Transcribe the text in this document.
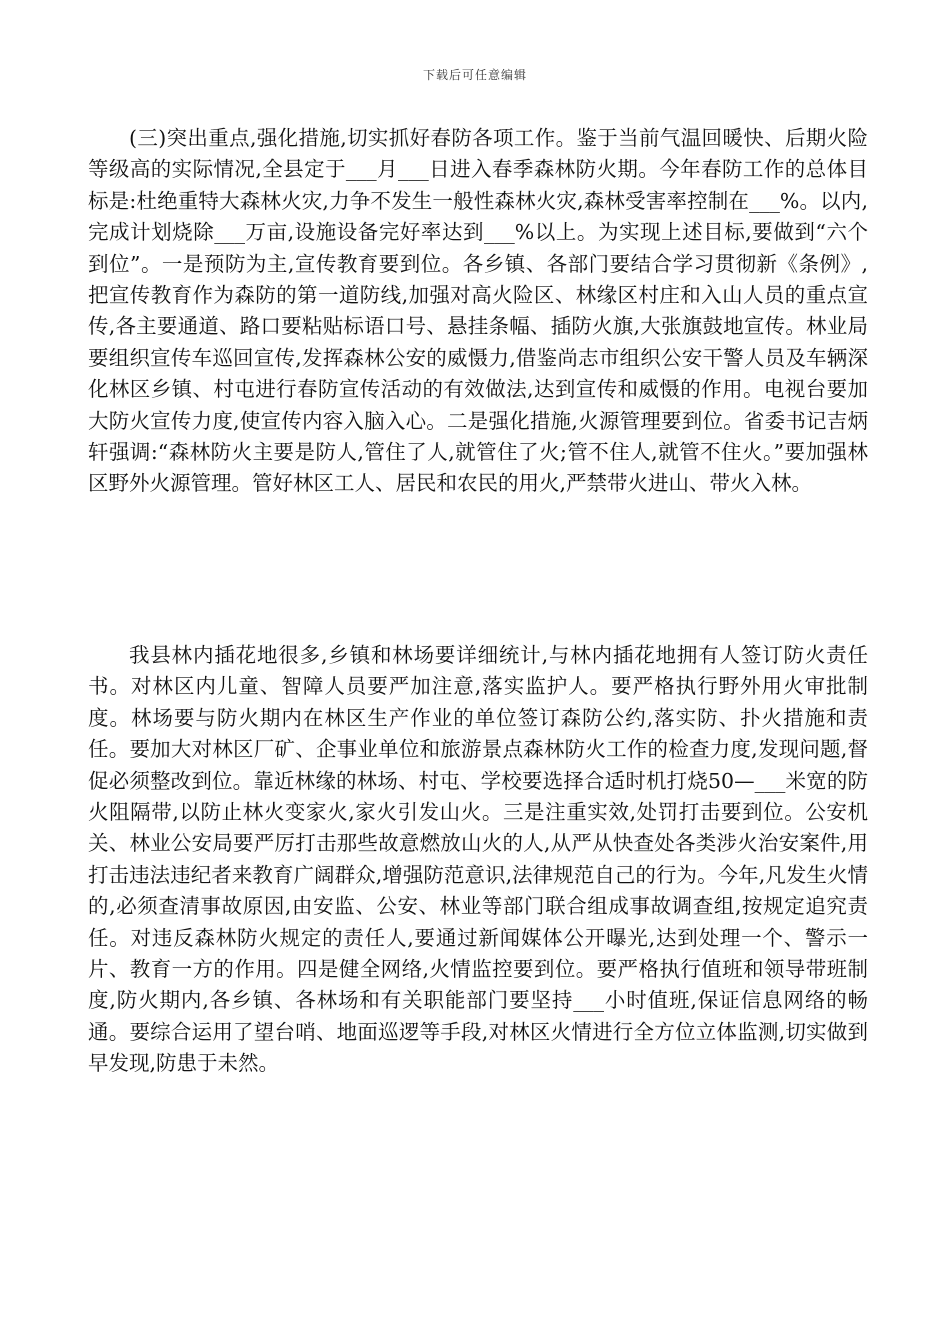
下载后可任意编辑

(三)突出重点,强化措施,切实抓好春防各项工作。鉴于当前气温回暖快、后期火险等级高的实际情况,全县定于___月___日进入春季森林防火期。今年春防工作的总体目标是:杜绝重特大森林火灾,力争不发生一般性森林火灾,森林受害率控制在___%。以内,完成计划烧除___万亩,设施设备完好率达到___%以上。为实现上述目标,要做到“六个到位”。一是预防为主,宣传教育要到位。各乡镇、各部门要结合学习贯彻新《条例》,把宣传教育作为森防的第一道防线,加强对高火险区、林缘区村庄和入山人员的重点宣传,各主要通道、路口要粘贴标语口号、悬挂条幅、插防火旗,大张旗鼓地宣传。林业局要组织宣传车巡回宣传,发挥森林公安的威慑力,借鉴尚志市组织公安干警人员及车辆深化林区乡镇、村屯进行春防宣传活动的有效做法,达到宣传和威慑的作用。电视台要加大防火宣传力度,使宣传内容入脑入心。二是强化措施,火源管理要到位。省委书记吉炳轩强调:“森林防火主要是防人,管住了人,就管住了火;管不住人,就管不住火。”要加强林区野外火源管理。管好林区工人、居民和农民的用火,严禁带火进山、带火入林。

我县林内插花地很多,乡镇和林场要详细统计,与林内插花地拥有人签订防火责任书。对林区内儿童、智障人员要严加注意,落实监护人。要严格执行野外用火审批制度。林场要与防火期内在林区生产作业的单位签订森防公约,落实防、扑火措施和责任。要加大对林区厂矿、企事业单位和旅游景点森林防火工作的检查力度,发现问题,督促必须整改到位。靠近林缘的林场、村屯、学校要选择合适时机打烧50—___米宽的防火阻隔带,以防止林火变家火,家火引发山火。三是注重实效,处罚打击要到位。公安机关、林业公安局要严厉打击那些故意燃放山火的人,从严从快查处各类涉火治安案件,用打击违法违纪者来教育广阔群众,增强防范意识,法律规范自己的行为。今年,凡发生火情的,必须查清事故原因,由安监、公安、林业等部门联合组成事故调查组,按规定追究责任。对违反森林防火规定的责任人,要通过新闻媒体公开曝光,达到处理一个、警示一片、教育一方的作用。四是健全网络,火情监控要到位。要严格执行值班和领导带班制度,防火期内,各乡镇、各林场和有关职能部门要坚持___小时值班,保证信息网络的畅通。要综合运用了望台哨、地面巡逻等手段,对林区火情进行全方位立体监测,切实做到早发现,防患于未然。
